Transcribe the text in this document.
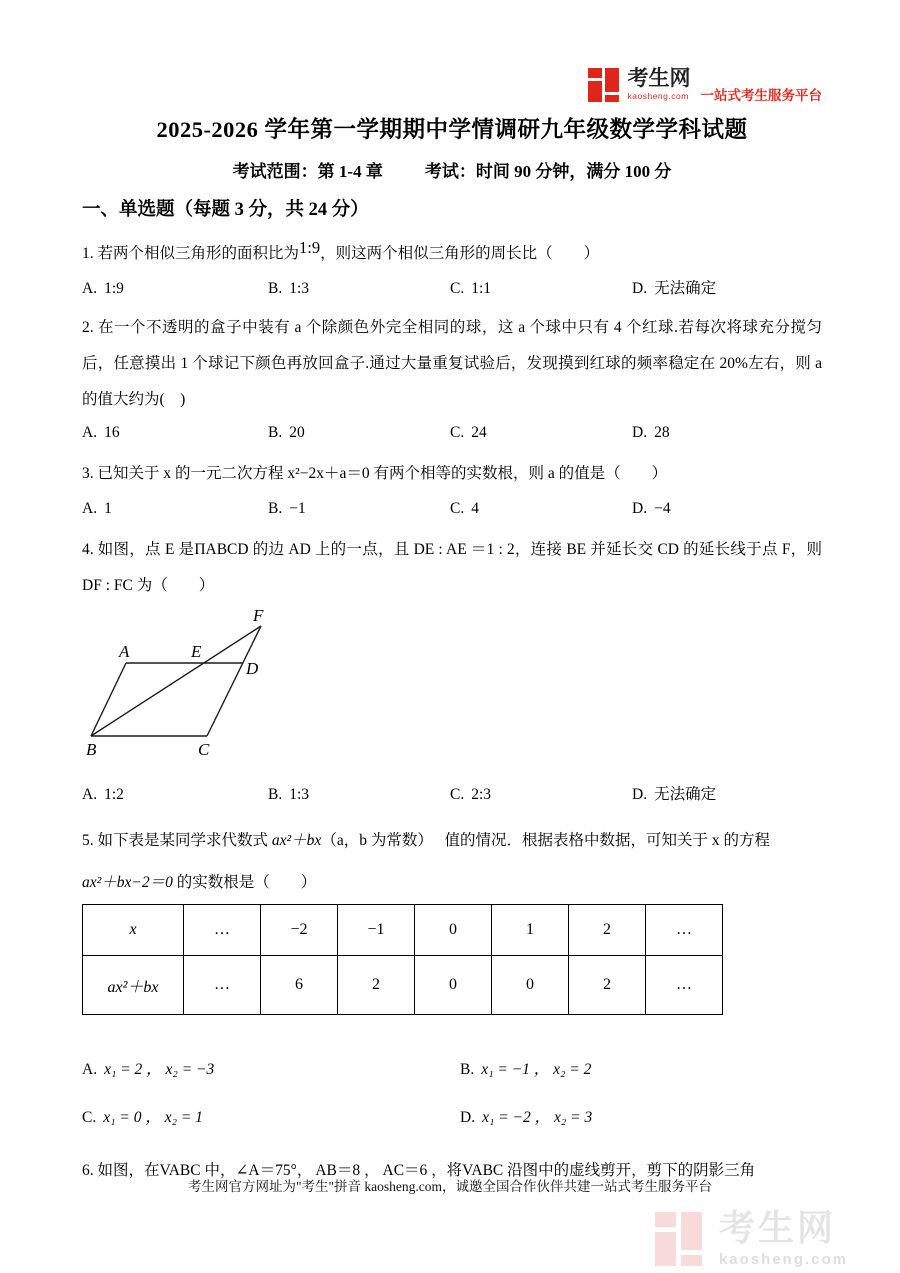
考生网
kaosheng.com 一站式考生服务平台
2025-2026 学年第一学期期中学情调研九年级数学学科试题
考试范围：第 1-4 章 考试：时间 90 分钟，满分 100 分
一、单选题（每题 3 分，共 24 分）
1. 若两个相似三角形的面积比为1:9，则这两个相似三角形的周长比（　　）
A. 1:9	B. 1:3	C. 1:1	D. 无法确定
2. 在一个不透明的盒子中装有 a 个除颜色外完全相同的球，这 a 个球中只有 4 个红球.若每次将球充分搅匀后，任意摸出 1 个球记下颜色再放回盒子.通过大量重复试验后，发现摸到红球的频率稳定在 20%左右，则 a 的值大约为(　)
A. 16	B. 20	C. 24	D. 28
3. 已知关于 x 的一元二次方程 x²−2x＋a＝0 有两个相等的实数根，则 a 的值是（　　）
A. 1	B. −1	C. 4	D. −4
4. 如图，点 E 是ΠABCD 的边 AD 上的一点，且 DE : AE ＝1 : 2，连接 BE 并延长交 CD 的延长线于点 F，则 DF : FC 为（　　）
A	E
D
F
B	C
A. 1:2	B. 1:3	C. 2:3	D. 无法确定
5. 如下表是某同学求代数式 ax²＋bx（a，b 为常数）　 值的情况．根据表格中数据，可知关于 x 的方程
ax²＋bx−2＝0 的实数根是（　　）
x	…	−2	−1	0	1	2	…
ax²＋bx	…	6	2	0	0	2	…
A. x₁ = 2 ， x₂ = −3	B. x₁ = −1 ， x₂ = 2
C. x₁ = 0 ， x₂ = 1	D. x₁ = −2 ， x₂ = 3
6. 如图，在VABC 中，∠A＝75°， AB＝8 ， AC＝6 ，将VABC 沿图中的虚线剪开，剪下的阴影三角
考生网官方网址为"考生"拼音 kaosheng.com，诚邀全国合作伙伴共建一站式考生服务平台
考生网
kaosheng.com
